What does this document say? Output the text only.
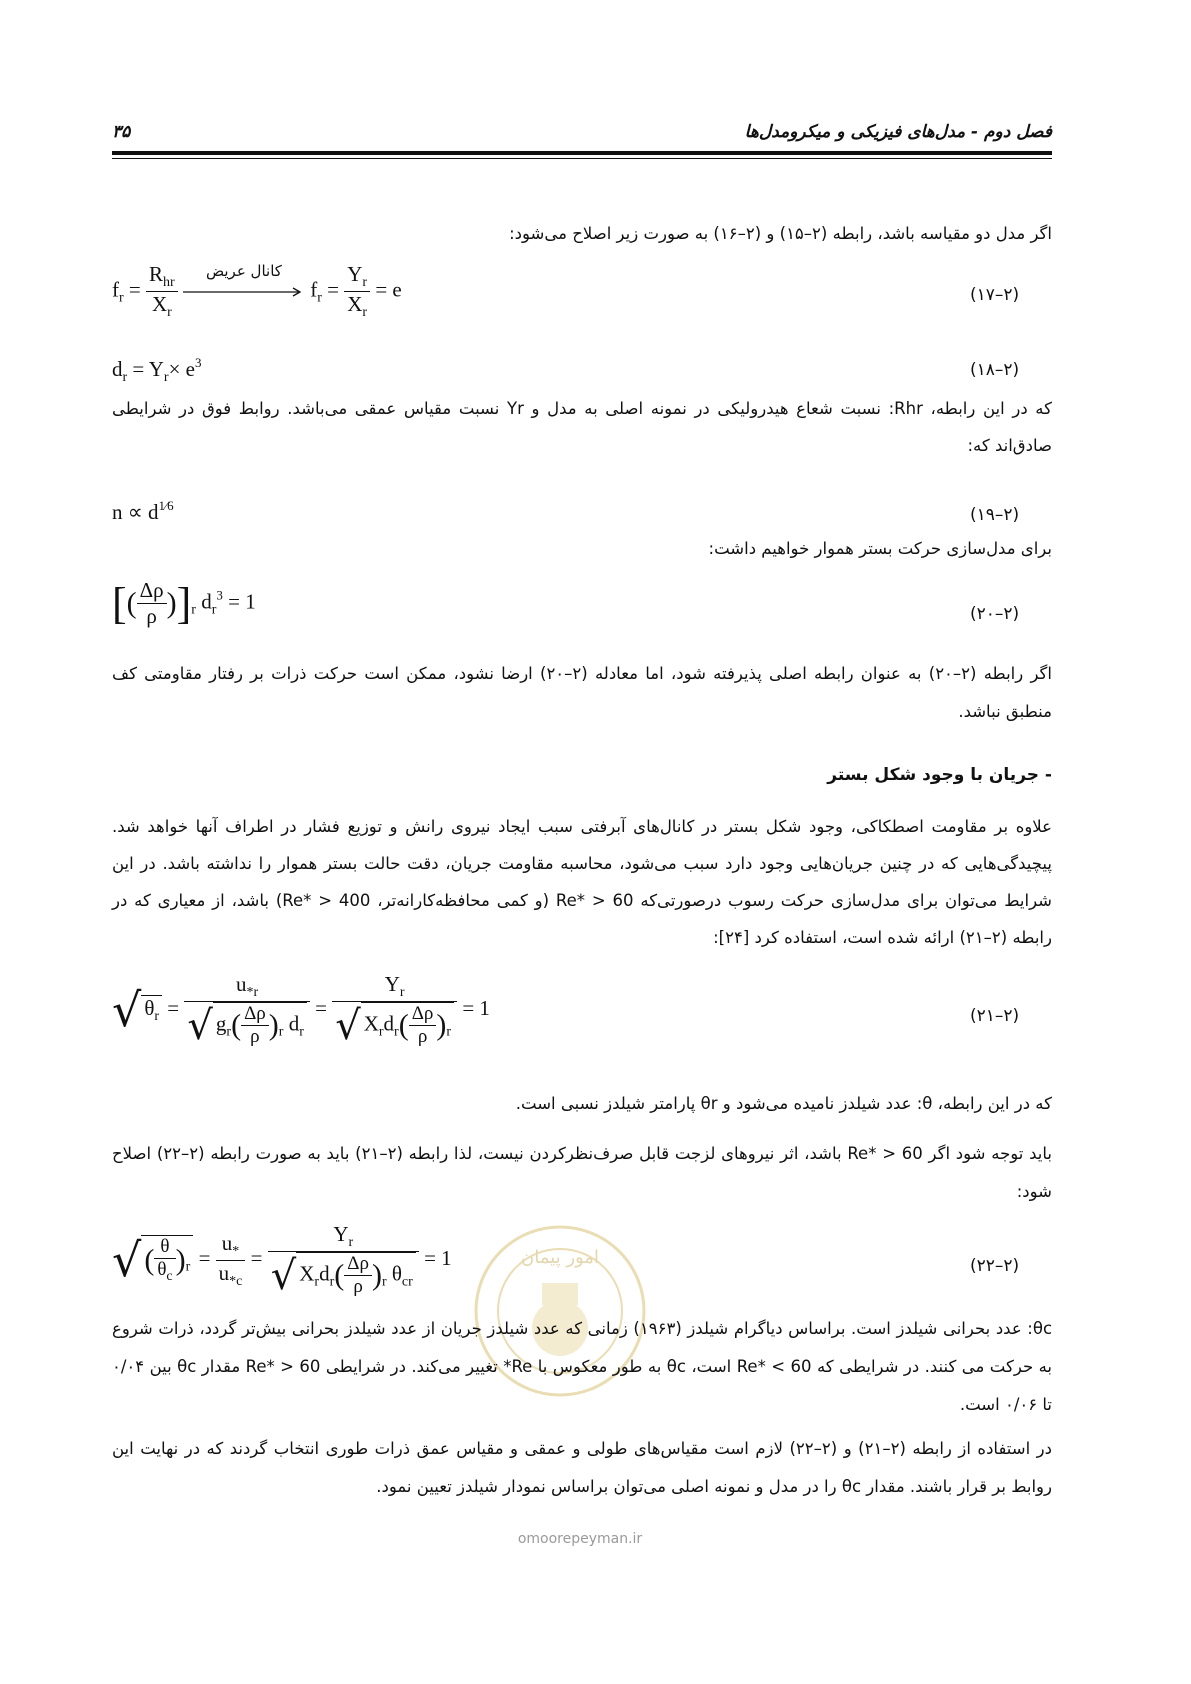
۳۵	فصل دوم - مدل‌های فیزیکی و میکرومدل‌ها
اگر مدل دو مقیاسه باشد، رابطه (۲–۱۵) و (۲–۱۶) به صورت زیر اصلاح می‌شود:
$f_r = \frac{R_{hr}}{X_r}$
	کانال عریض
$f_r = \frac{Y_r}{X_r} = e$	(۱۷–۲)
$d_r = Y_r\times e^3$	(۱۸–۲)
که در این رابطه، Rhr: نسبت شعاع هیدرولیکی در نمونه اصلی به مدل و Yr نسبت مقیاس عمقی می‌باشد. روابط فوق در شرایطی صادق‌اند که:
$n \propto d^{1⁄6}$	(۱۹–۲)
برای مدل‌سازی حرکت بستر هموار خواهیم داشت:
[( $\frac{\Delta\rho}{\rho} )]_r$ $d_r^3 = 1$
(۲۰–۲)
اگر رابطه (۲–۲۰) به عنوان رابطه اصلی پذیرفته شود، اما معادله (۲–۲۰) ارضا نشود، ممکن است حرکت ذرات بر رفتار مقاومتی کف منطبق نباشد.
- جریان با وجود شکل بستر
علاوه بر مقاومت اصطکاکی، وجود شکل بستر در کانال‌های آبرفتی سبب ایجاد نیروی رانش و توزیع فشار در اطراف آنها خواهد شد. پیچیدگی‌هایی که در چنین جریان‌هایی وجود دارد سبب می‌شود، محاسبه مقاومت جریان، دقت حالت بستر هموار را نداشته باشد. در این شرایط می‌توان برای مدل‌سازی حرکت رسوب درصورتی‌که Re* > 60 (و کمی محافظه‌کارانه‌تر، Re* > 400) باشد، از معیاری که در رابطه (۲–۲۱) ارائه شده است، استفاده کرد [۲۴]:
√ $\theta_r = \frac{u_{*r}}{√ g_r( \frac{\Delta\rho}{\rho} )_r d_r} = \frac{Y_r}{√ X_rd_r( \frac{\Delta\rho}{\rho} )_r} = 1$	(۲۱–۲)
که در این رابطه، θ: عدد شیلدز نامیده می‌شود و θr پارامتر شیلدز نسبی است.
باید توجه شود اگر Re* > 60 باشد، اثر نیروهای لزجت قابل صرف‌نظرکردن نیست، لذا رابطه (۲–۲۱) باید به صورت رابطه (۲–۲۲) اصلاح شود:
√ ( $\frac{\theta}{\theta_c} )_r = \frac{u_*}{u_{*c}} = \frac{Y_r}{√ X_rd_r( \frac{\Delta\rho}{\rho} )_r \theta_{cr}} = 1$	(۲۲–۲)
امور پیمان
θc: عدد بحرانی شیلدز است. براساس دیاگرام شیلدز (۱۹۶۳) زمانی که عدد شیلدز جریان از عدد شیلدز بحرانی بیش‌تر گردد، ذرات شروع به حرکت می کنند. در شرایطی که Re* < 60 است، θc به طور معکوس با Re* تغییر می‌کند. در شرایطی Re* > 60 مقدار θc بین ۰/۰۴ تا ۰/۰۶ است.
در استفاده از رابطه (۲–۲۱) و (۲–۲۲) لازم است مقیاس‌های طولی و عمقی و مقیاس عمق ذرات طوری انتخاب گردند که در نهایت این روابط بر قرار باشند. مقدار θc را در مدل و نمونه اصلی می‌توان براساس نمودار شیلدز تعیین نمود.
omoorepeyman.ir
